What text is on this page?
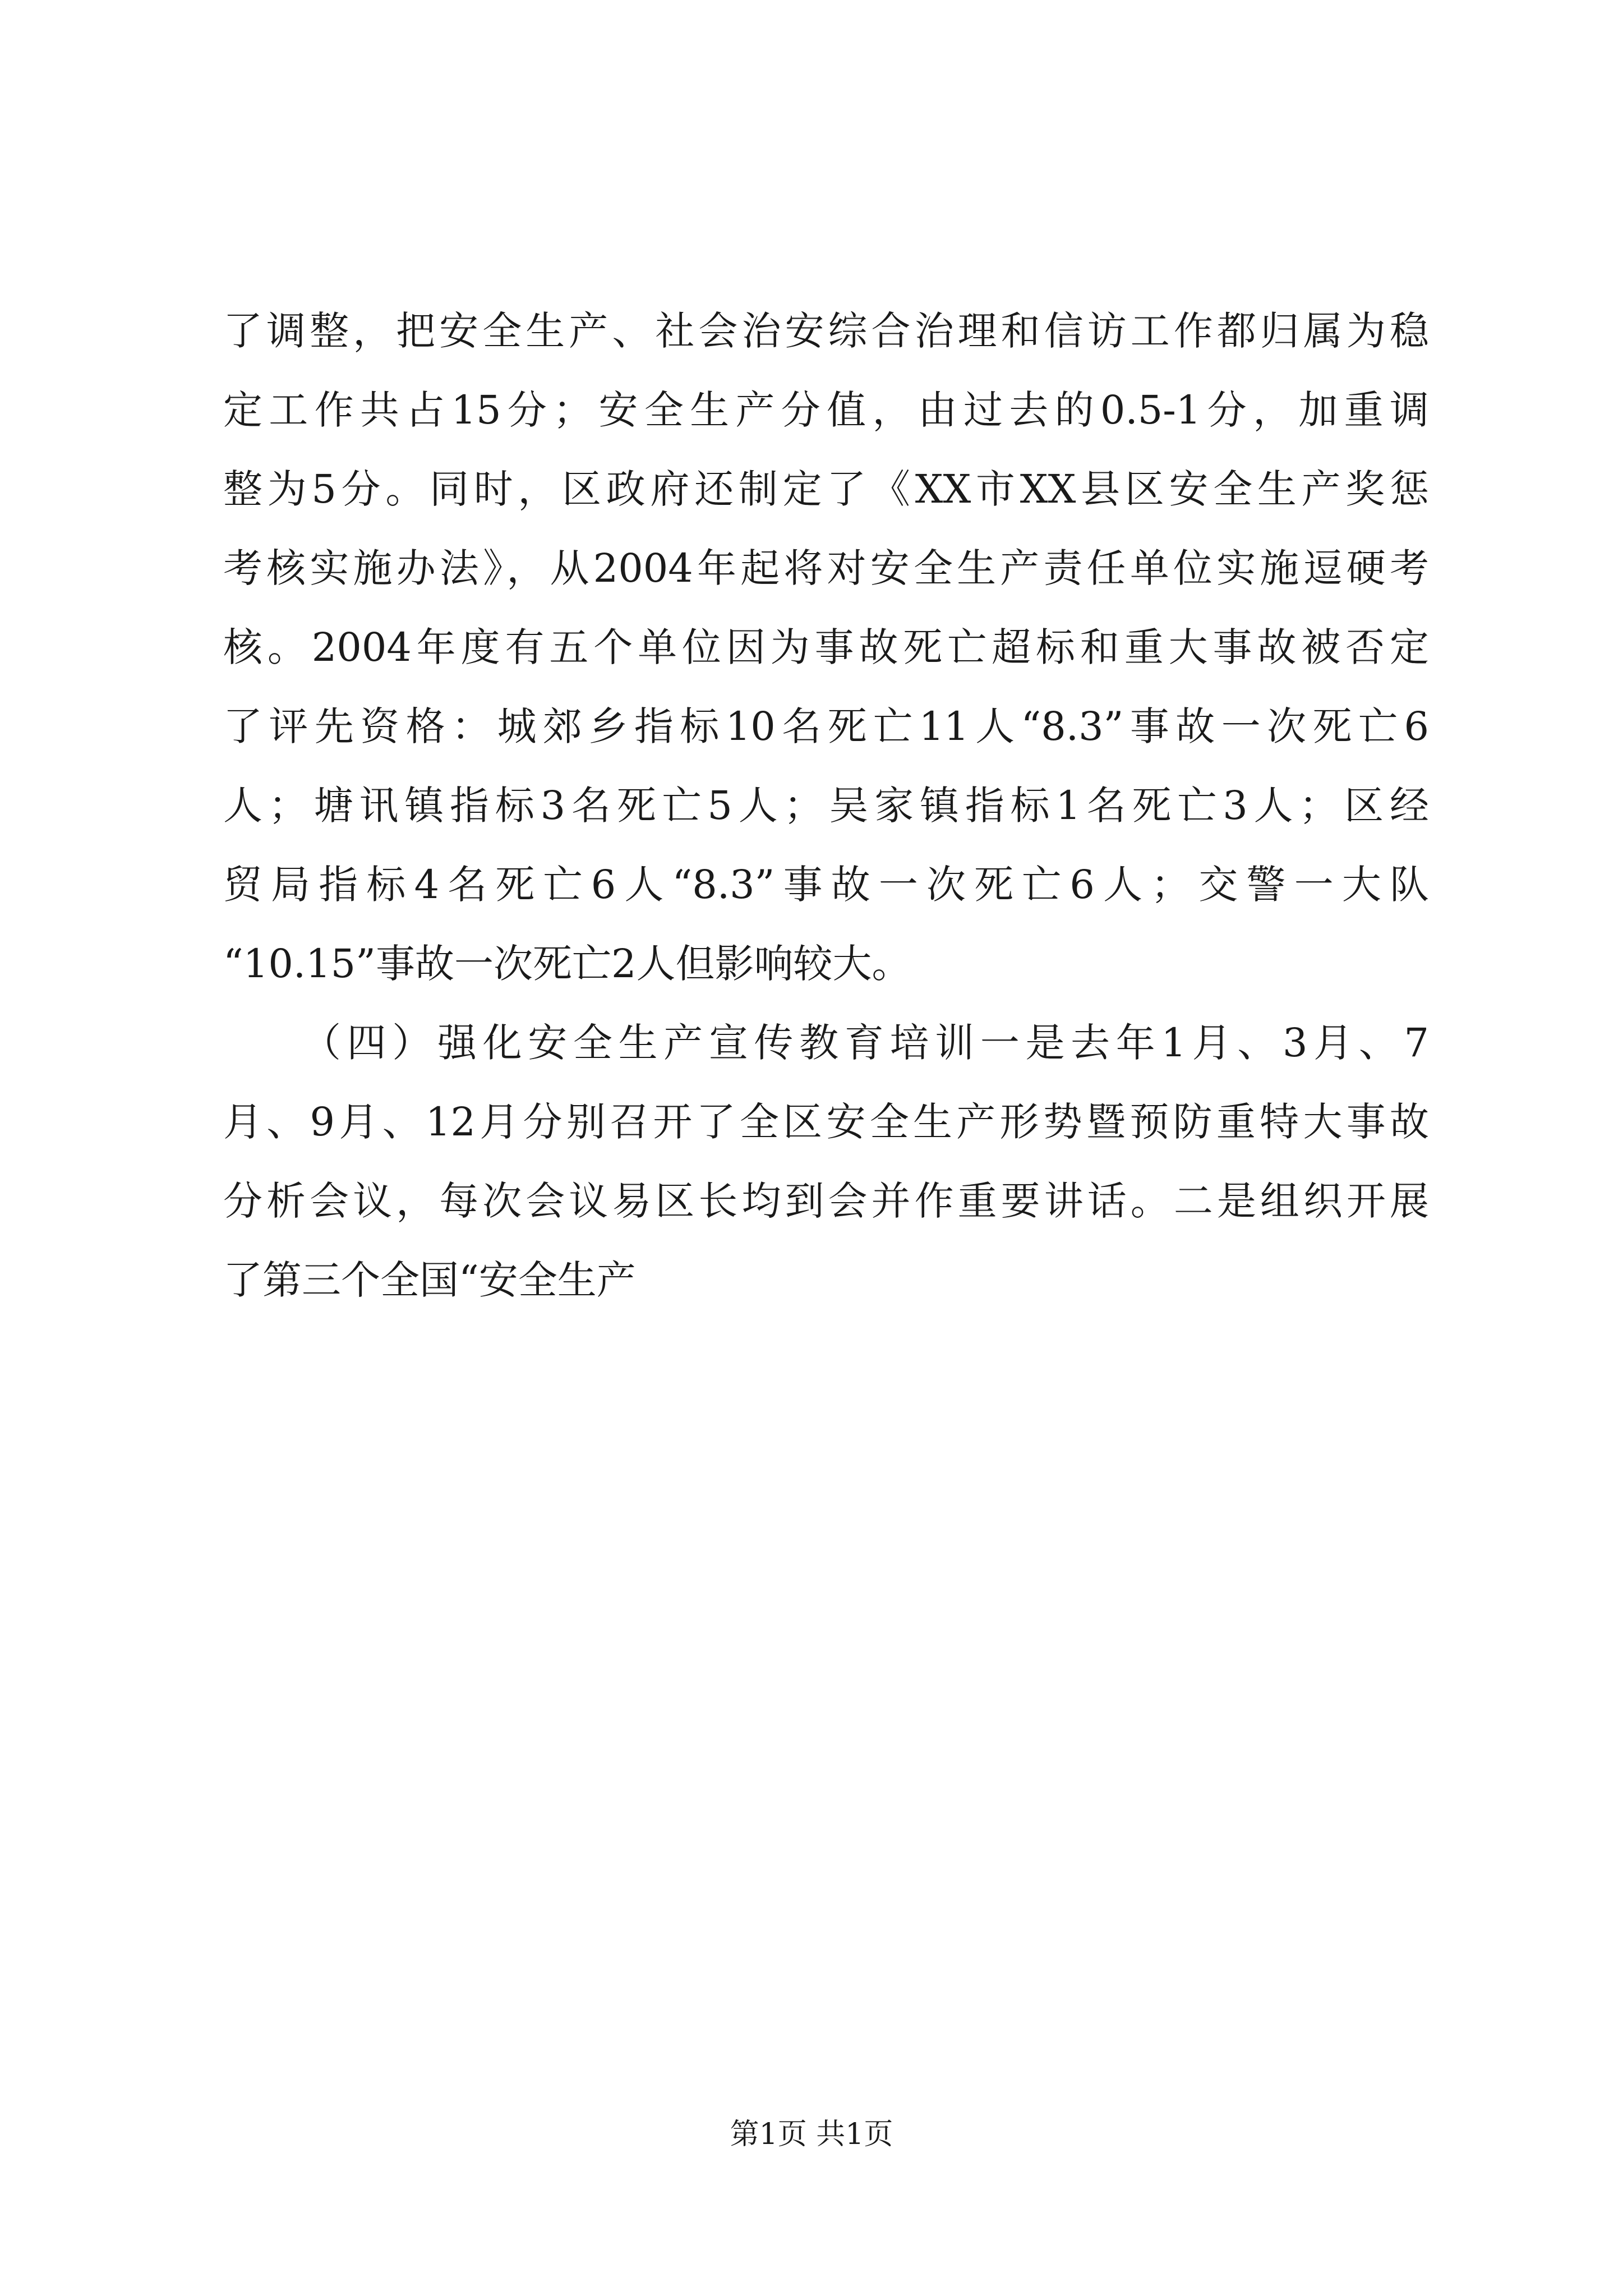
了调整，把安全生产、社会治安综合治理和信访工作都归属为稳
定工作共占15分；安全生产分值，由过去的0.5-1分，加重调
整为5分。同时，区政府还制定了《XX市XX县区安全生产奖惩
考核实施办法》，从2004年起将对安全生产责任单位实施逗硬考
核。2004年度有五个单位因为事故死亡超标和重大事故被否定
了评先资格：城郊乡指标10名死亡11人“8.3”事故一次死亡6
人；塘讯镇指标3名死亡5人；吴家镇指标1名死亡3人；区经
贸局指标4名死亡6人“8.3”事故一次死亡6人；交警一大队
“10.15”事故一次死亡2人但影响较大。
（四）强化安全生产宣传教育培训一是去年1月、3月、7
月、9月、12月分别召开了全区安全生产形势暨预防重特大事故
分析会议，每次会议易区长均到会并作重要讲话。二是组织开展
了第三个全国“安全生产
第1页 共1页
